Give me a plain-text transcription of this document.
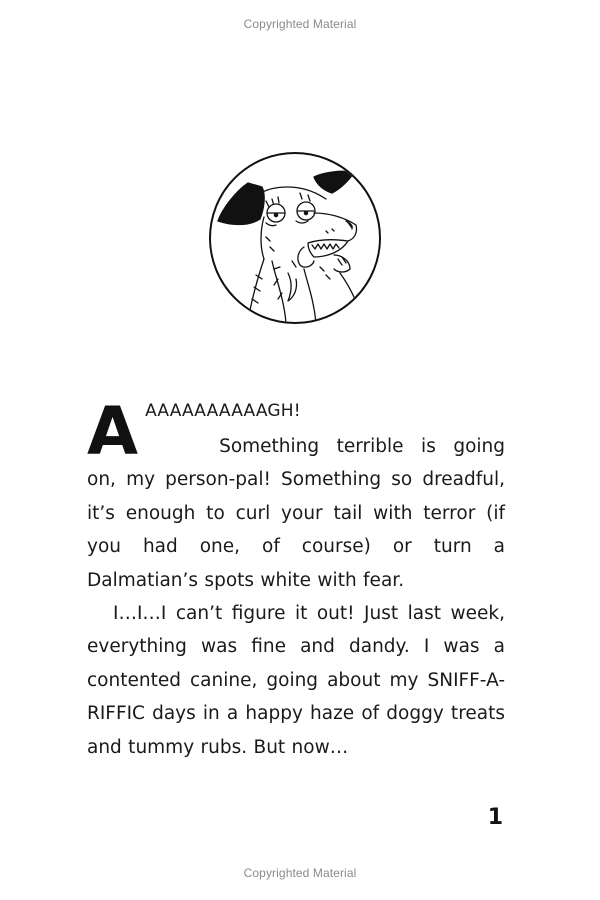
Copyrighted Material
A AAAAAAAAAAGH!

Something terrible is going on, my person-pal! Something so dreadful, it’s enough to curl your tail with terror (if you had one, of course) or turn a Dalmatian’s spots white with fear.

I…I…I can’t figure it out! Just last week, everything was fine and dandy. I was a contented canine, going about my SNIFF-A-RIFFIC days in a happy haze of doggy treats and tummy rubs. But now…

1
Copyrighted Material
